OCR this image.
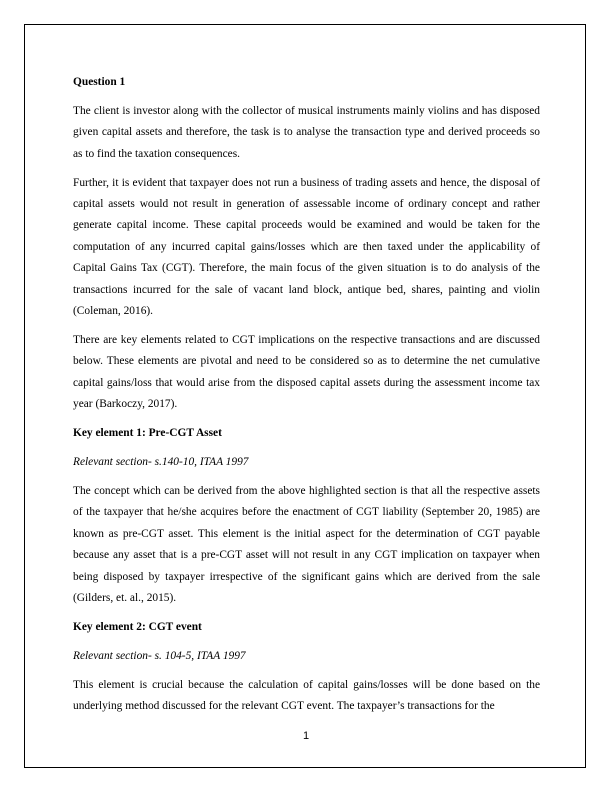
Question 1

The client is investor along with the collector of musical instruments mainly violins and has disposed given capital assets and therefore, the task is to analyse the transaction type and derived proceeds so as to find the taxation consequences.

Further, it is evident that taxpayer does not run a business of trading assets and hence, the disposal of capital assets would not result in generation of assessable income of ordinary concept and rather generate capital income. These capital proceeds would be examined and would be taken for the computation of any incurred capital gains/losses which are then taxed under the applicability of Capital Gains Tax (CGT). Therefore, the main focus of the given situation is to do analysis of the transactions incurred for the sale of vacant land block, antique bed, shares, painting and violin (Coleman, 2016).

There are key elements related to CGT implications on the respective transactions and are discussed below. These elements are pivotal and need to be considered so as to determine the net cumulative capital gains/loss that would arise from the disposed capital assets during the assessment income tax year (Barkoczy, 2017).

Key element 1: Pre-CGT Asset

Relevant section- s.140-10, ITAA 1997

The concept which can be derived from the above highlighted section is that all the respective assets of the taxpayer that he/she acquires before the enactment of CGT liability (September 20, 1985) are known as pre-CGT asset. This element is the initial aspect for the determination of CGT payable because any asset that is a pre-CGT asset will not result in any CGT implication on taxpayer when being disposed by taxpayer irrespective of the significant gains which are derived from the sale (Gilders, et. al., 2015).

Key element 2: CGT event

Relevant section- s. 104-5, ITAA 1997

This element is crucial because the calculation of capital gains/losses will be done based on the underlying method discussed for the relevant CGT event. The taxpayer’s transactions for the

1
